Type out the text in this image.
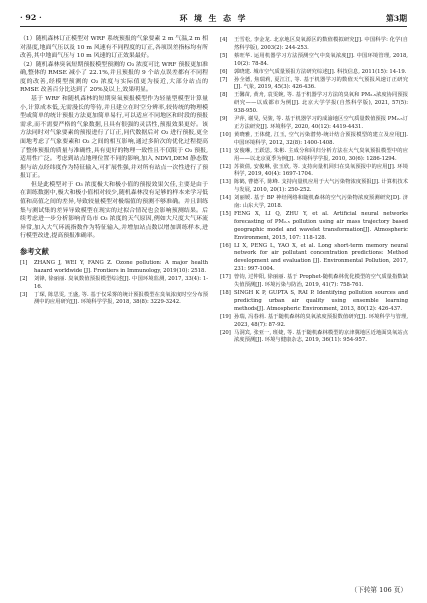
· 92 ·	环 境 生 态 学	第3期

（1）随机森林订正模型对 WRF 系统预报的气象要素 2 m 气温,2 m 相对湿度,地面气压以及 10 m 风速有不同程度的订正,各项误差指标均有所改善,其中地面气压与 10 m 风速的订正效果最好。

（2）随机森林臭氧短期预报模型预测的 O₃ 浓度可比 WRF 预报更加准确,整体的 RMSE 减小了 22.1%,并且预报的 9 个站点误差都有不同程度的改善,经模型预测的 O₃ 浓度与实际值更为接近,大部分站点的 RMSE 改善百分比达到了 20%及以上,效果明显。

基于 WRF 和随机森林的短期臭氧预报模型作为轻量型模型计算量小,计算成本低,无需漫长的等待,并且建立在时空分辨率,较传统的物理模型或简单的统计预报方法更加简单易行,可以适应不同地区和时段的预报需求,而不需要严格的气象数据,且具有很强的灵活性,预报效果更好。该方法同时对气象要素的预报进行了订正,同代数据后对 O₃ 进行预报,更全面地考虑了气象要素和 O₃ 之间的相互影响,通过多阶次的优化过程提高了整体预报的质量与准确性,具有更好的物理一致性且不仅限于 O₃ 预报,适用性广泛。考虑到站点地理位置不同的影响,加入 NDVI,DEM 静态数据与站点经纬度作为特征输入,可扩展性强,并对所有站点一次性进行了预报订正。

但是此模型对于 O₃ 浓度极大和极小值的预报效果欠佳,主要是由于在训练数据中,极大和极小值相对较少,随机森林没有足够的样本来学习低值和高值之间的差异,导致较量模型对极端值的预测不够准确。并且训练集与测试集的差异导致模型在现实的过拟合情况也会影响预测结果。后续考虑进一步分析影响青岛市 O₃ 浓度的天气原因,例如大尺度大气环流异常,加入大气环流指数作为特征输入,并增加站点数以增加训练样本,进行模型改进,提高预报准确率。

参考文献
[1]	ZHANG J, WEI Y, FANG Z. Ozone pollution: A major health hazard worldwide [J]. Frontiers in Immunology, 2019(10): 2518.
[2]	刘锋, 徐丽丽. 臭氧数值预报模型综述[J]. 中国环境监测, 2017, 33(4): 1-16.
[3]	丁琛, 陈思雯, 王盛, 等. 基于仅采雾的统计预报模型在臭氧浓度时空分布预测中的应用研究[J]. 环境科学学报, 2018, 38(8): 3229-3242.
[4]	王雪松, 李金龙. 北京地区臭氧源区的数值模拟研究[J]. 中国科学: 化学(自然科学版), 2003(2): 244-253.
[5]	蔡旺华. 运用机器学习方法预测空气中臭氧浓度[J]. 中国环境管理, 2018, 10(2): 78-84.
[6]	郭晓建. 城市空气质量预报方法研究综述[J]. 科技信息, 2011(15): 14-19.
[7]	孙全德, 焦瑞莉, 夏江江, 等. 基于机器学习的数值天气预报风速订正研究[J]. 气象, 2019, 45(3): 426-436.
[8]	王馨苗, 黄舟, 袁雯婉, 等. 基于机器学习方法的臭氧和 PM₂.₅浓度协同预报研究——以成都市为例[J]. 北京大学学报(自然科学版), 2021, 57(5): 938-950.
[9]	尹萍, 谢旻, 吴骏, 等. 基于机器学习的成渝地区空气质量数值预报 PM₂.₅订正方法研究[J]. 环境科学, 2020, 40(12): 4419-4431.
[10] 黄晓雅, 王体健, 江玉, 空气污染潜势-统计结合预报模型的建立及应用[J]. 中国环境科学, 2012, 32(8): 1400-1408.
[11] 安俊琳, 王跃思, 朱彬. 主成分和回归分析方法在大气臭氧预报模型中的应用——以北京夏季为例[J]. 环境科学学报, 2010, 30(6): 1286-1294.
[12] 苏筱倩, 安俊琳, 张玉欣, 等. 支持向量机回归在臭氧预报中的应用[J]. 环境科学, 2019, 40(4): 1697-1704.
[13] 陈鹤, 曹德平, 陈峰. 支持向量机应用于大气污染物浓度预报[J]. 计算机技术与发展, 2010, 20(1): 250-252.
[14] 刘丽媛. 基于 BP 神经网络和随机森林的空气污染物浓度预测研究[D]. 济南: 山东大学, 2018.
[15] FENG X, LI Q, ZHU Y, et al. Artificial neural networks forecasting of PM₂.₅ pollution using air mass trajectory based geographic model and wavelet transformation[J]. Atmospheric Environment, 2015, 107: 118-128.
[16] LI X, PENG L, YAO X, et al. Long short-term memory neural network for air pollutant concentration predictions: Method development and evaluation [J]. Environmental Pollution, 2017, 231: 997-1004.
[17] 曾钧, 过仲阳, 徐丽丽. 基于 Prophet-随机森林优化模型的空气质量指数缺失值预测[J]. 环境污染与防治, 2019, 41(7): 758-761.
[18] SINGH K P, GUPTA S, RAI P. Identifying pollution sources and predicting urban air quality using ensemble learning methods[J]. Atmospheric Environment, 2013, 80(12): 426-437.
[19] 孙瑞, 冯春莉. 基于随机森林的臭氧浓度预报数值研究[J]. 环境科学与管理, 2023, 48(7): 87-92.
[20] 马洞宾, 张亚一, 班婕, 等. 基于随机森林模型的京津冀地区近地面臭氧站点浓度预测[J]. 环境与健康杂志, 2019, 36(11): 954-957.
（下转第 106 页）
